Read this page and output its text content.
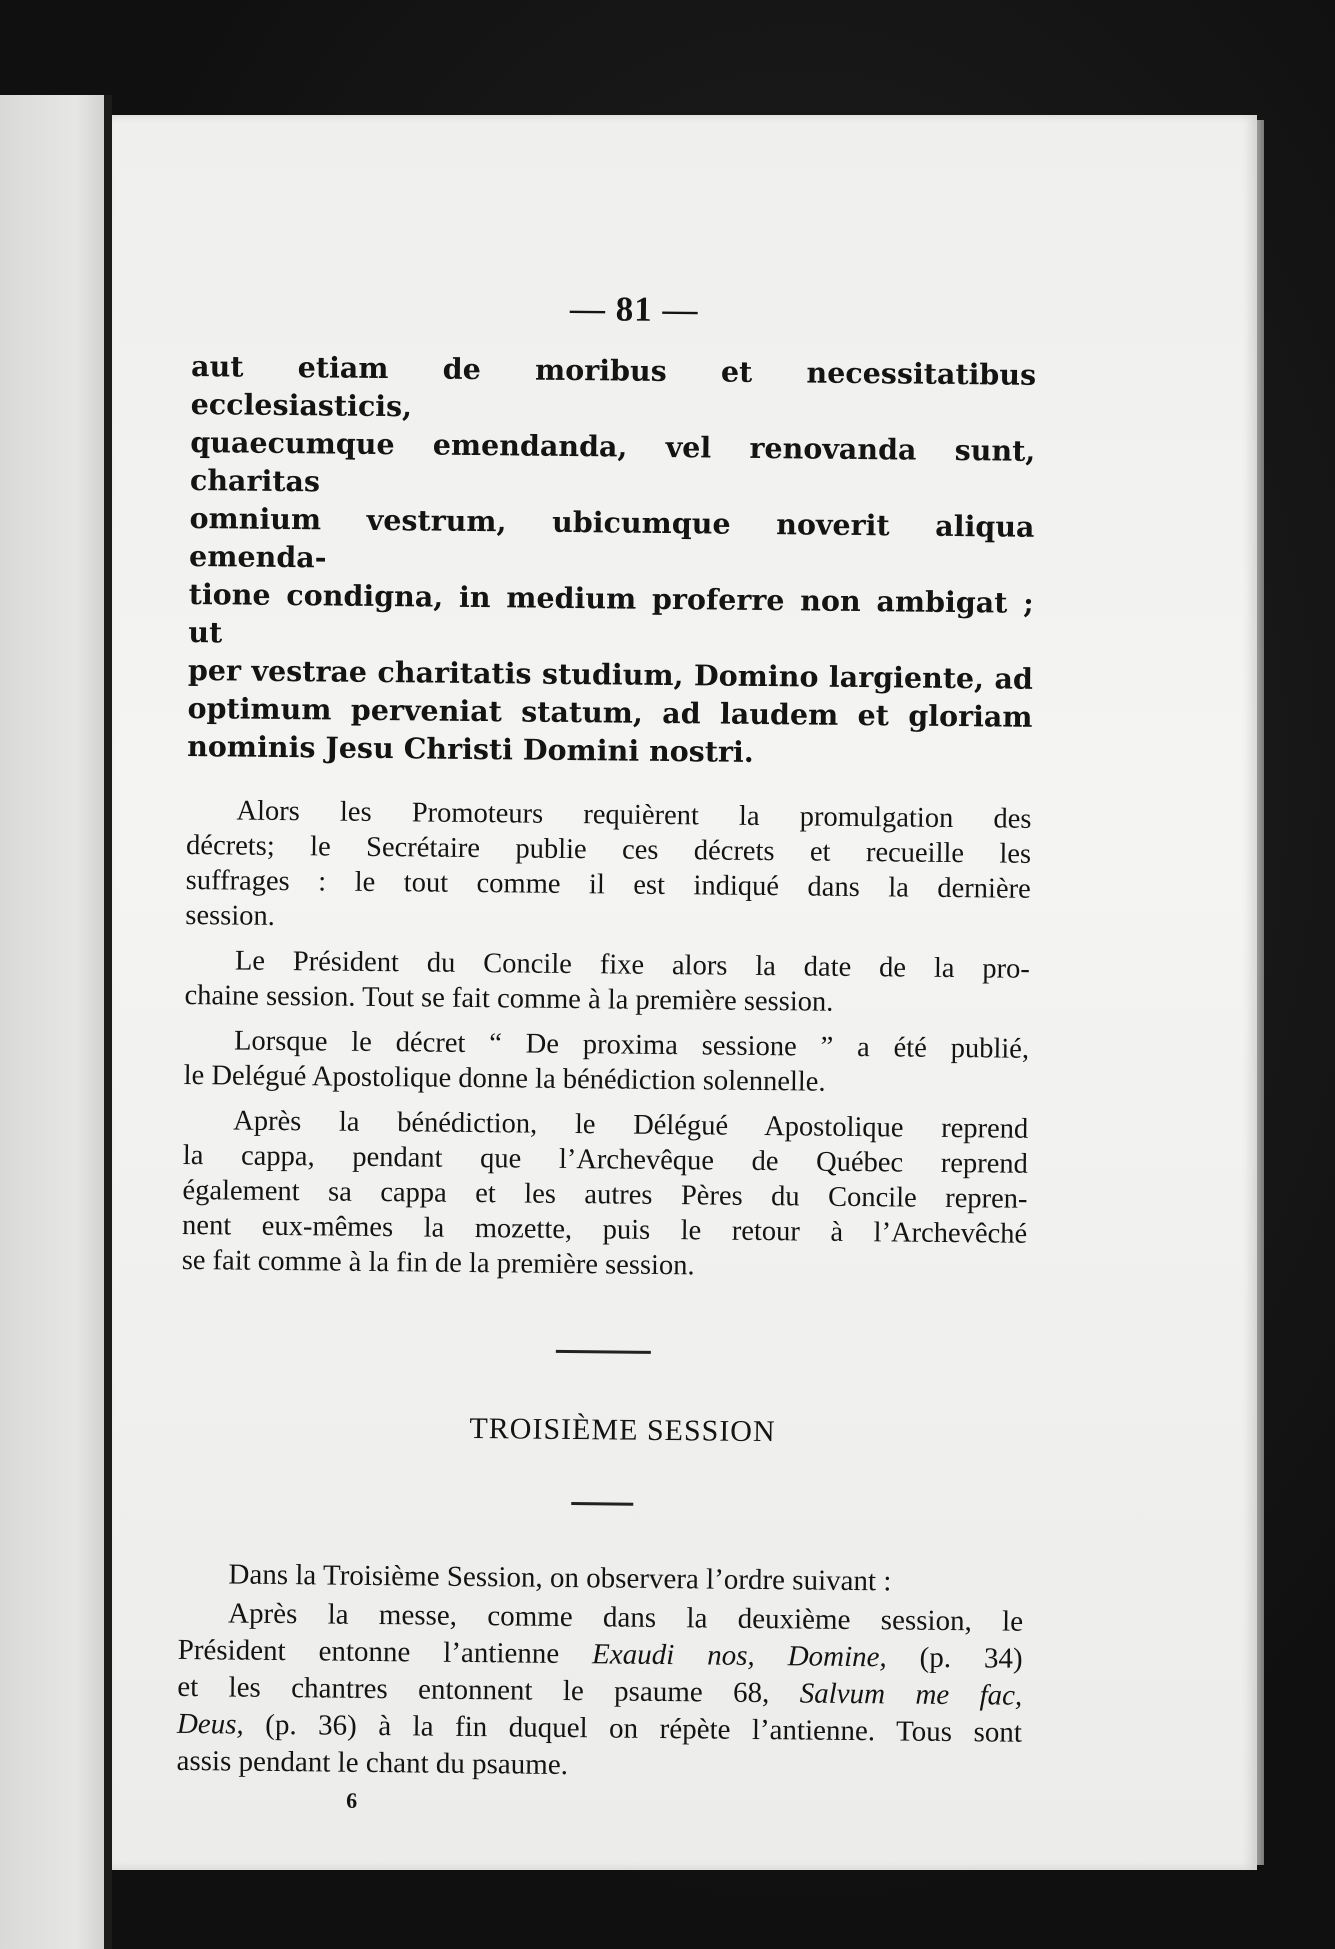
— 81 —
aut etiam de moribus et necessitatibus ecclesiasticis,
quaecumque emendanda, vel renovanda sunt, charitas
omnium vestrum, ubicumque noverit aliqua emenda-
tione condigna, in medium proferre non ambigat ; ut
per vestrae charitatis studium, Domino largiente, ad
optimum perveniat statum, ad laudem et gloriam
nominis Jesu Christi Domini nostri.
Alors les Promoteurs requièrent la promulgation des
décrets; le Secrétaire publie ces décrets et recueille les
suffrages : le tout comme il est indiqué dans la dernière
session.
Le Président du Concile fixe alors la date de la pro-
chaine session. Tout se fait comme à la première session.
Lorsque le décret “ De proxima sessione ” a été publié,
le Delégué Apostolique donne la bénédiction solennelle.
Après la bénédiction, le Délégué Apostolique reprend
la cappa, pendant que l’Archevêque de Québec reprend
également sa cappa et les autres Pères du Concile repren-
nent eux-mêmes la mozette, puis le retour à l’Archevêché
se fait comme à la fin de la première session.
TROISIÈME SESSION
Dans la Troisième Session, on observera l’ordre suivant :
Après la messe, comme dans la deuxième session, le
Président entonne l’antienne Exaudi nos, Domine, (p. 34)
et les chantres entonnent le psaume 68, Salvum me fac,
Deus, (p. 36) à la fin duquel on répète l’antienne. Tous sont
assis pendant le chant du psaume.
6
